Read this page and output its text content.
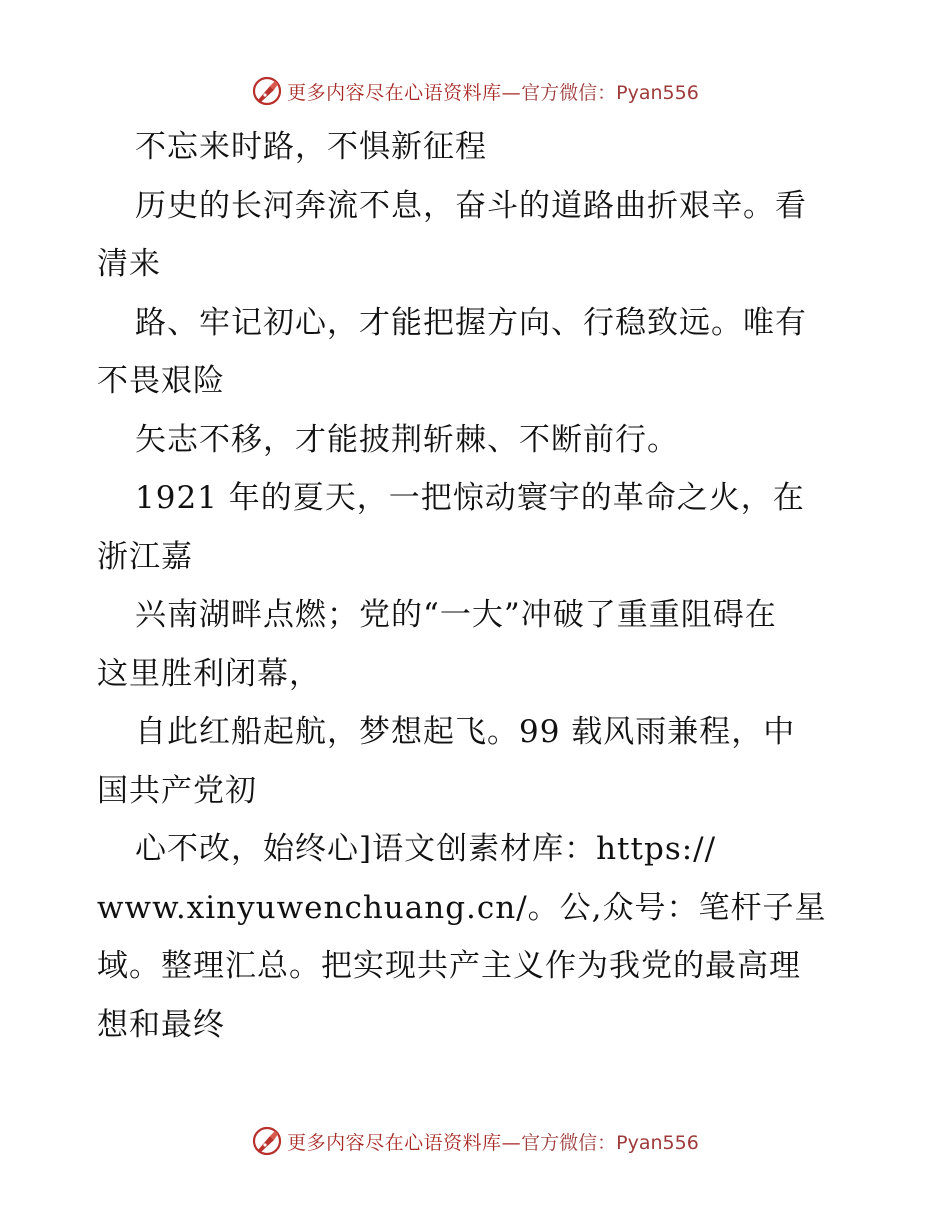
更多内容尽在心语资料库— 官方微信：Pyan556
不忘来时路，不惧新征程
历史的长河奔流不息，奋斗的道路曲折艰辛。看
清来
路、牢记初心，才能把握方向、行稳致远。唯有
不畏艰险
矢志不移，才能披荆斩棘、不断前行。
1921 年的夏天，一把惊动寰宇的革命之火，在
浙江嘉
兴南湖畔点燃；党的“一大”冲破了重重阻碍在
这里胜利闭幕，
自此红船起航，梦想起飞。99 载风雨兼程，中
国共产党初
心不改，始终心]语文创素材库：https://
www.xinyuwenchuang.cn/。公,众号：笔杆子星
域。整理汇总。把实现共产主义作为我党的最高理
想和最终
更多内容尽在心语资料库— 官方微信：Pyan556
